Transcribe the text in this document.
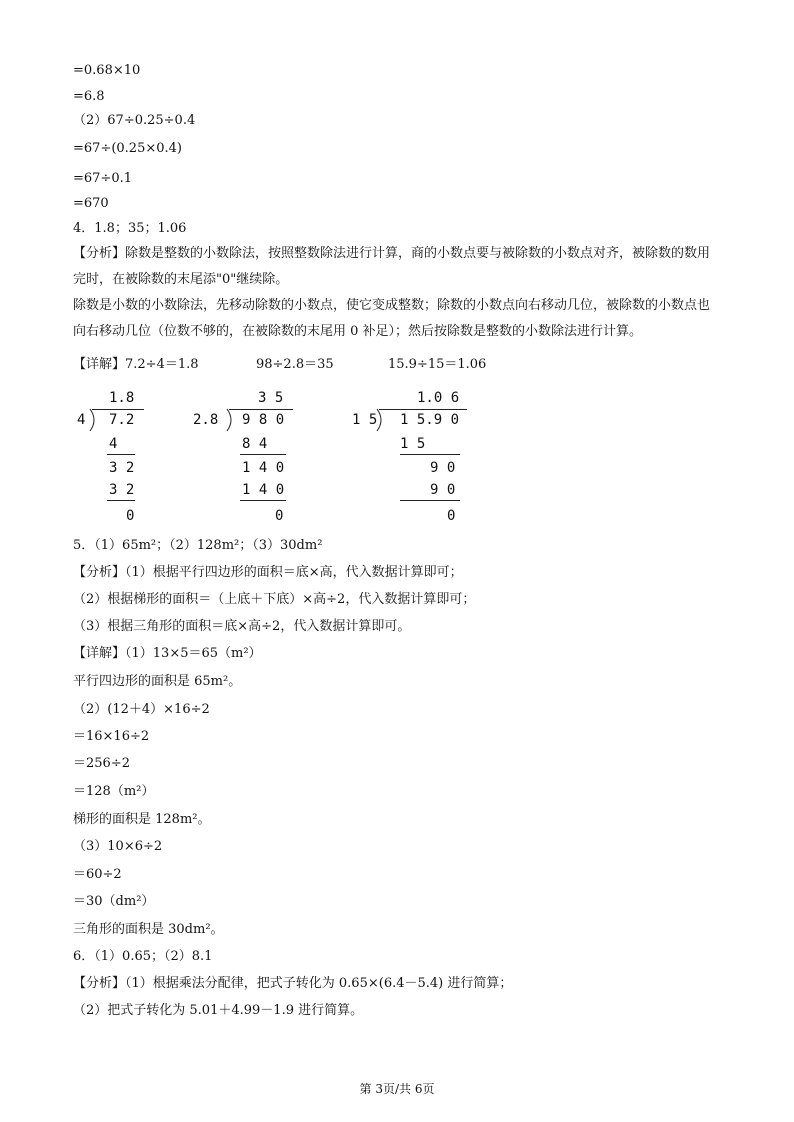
=0.68×10
=6.8
（2）67÷0.25÷0.4
=67÷(0.25×0.4)
=67÷0.1
=670
4．1.8；35；1.06
【分析】除数是整数的小数除法，按照整数除法进行计算，商的小数点要与被除数的小数点对齐，被除数的数用完时，在被除数的末尾添"0"继续除。
除数是小数的小数除法，先移动除数的小数点，使它变成整数；除数的小数点向右移动几位，被除数的小数点也向右移动几位（位数不够的，在被除数的末尾用 0 补足）；然后按除数是整数的小数除法进行计算。
【详解】7.2÷4＝1.8	98÷2.8＝35	15.9÷15＝1.06
1.8
4 7.2
4
3 2
3 2
0
3 5
2.8 9 8 0
8 4
1 4 0
1 4 0
0
1.0 6
1 5 1 5.9 0
1 5
9 0
9 0
0
5．（1）65m²；（2）128m²；（3）30dm²
【分析】（1）根据平行四边形的面积＝底×高，代入数据计算即可；
（2）根据梯形的面积＝（上底＋下底）×高÷2，代入数据计算即可；
（3）根据三角形的面积＝底×高÷2，代入数据计算即可。
【详解】（1）13×5＝65（m²）
平行四边形的面积是 65m²。
（2）(12＋4）×16÷2
＝16×16÷2
＝256÷2
＝128（m²）
梯形的面积是 128m²。
（3）10×6÷2
＝60÷2
＝30（dm²）
三角形的面积是 30dm²。
6．（1）0.65；（2）8.1
【分析】（1）根据乘法分配律，把式子转化为 0.65×(6.4－5.4) 进行简算；
（2）把式子转化为 5.01＋4.99－1.9 进行简算。
第 3页/共 6页
